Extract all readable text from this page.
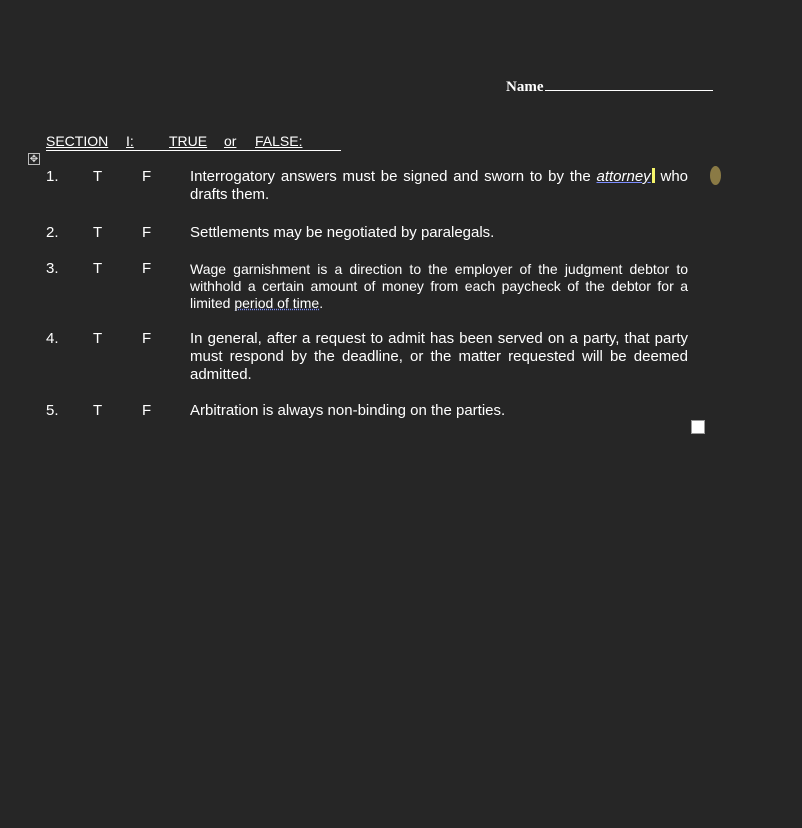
Name
SECTION I:	TRUE or FALSE:
✥
1. T	F	Interrogatory answers must be signed and sworn to by the attorney who drafts them.
2. T	F	Settlements may be negotiated by paralegals.
3. T	F	Wage garnishment is a direction to the employer of the judgment debtor to withhold a certain amount of money from each paycheck of the debtor for a limited period of time.
4. T	F	In general, after a request to admit has been served on a party, that party must respond by the deadline, or the matter requested will be deemed admitted.
5. T	F	Arbitration is always non-binding on the parties.
